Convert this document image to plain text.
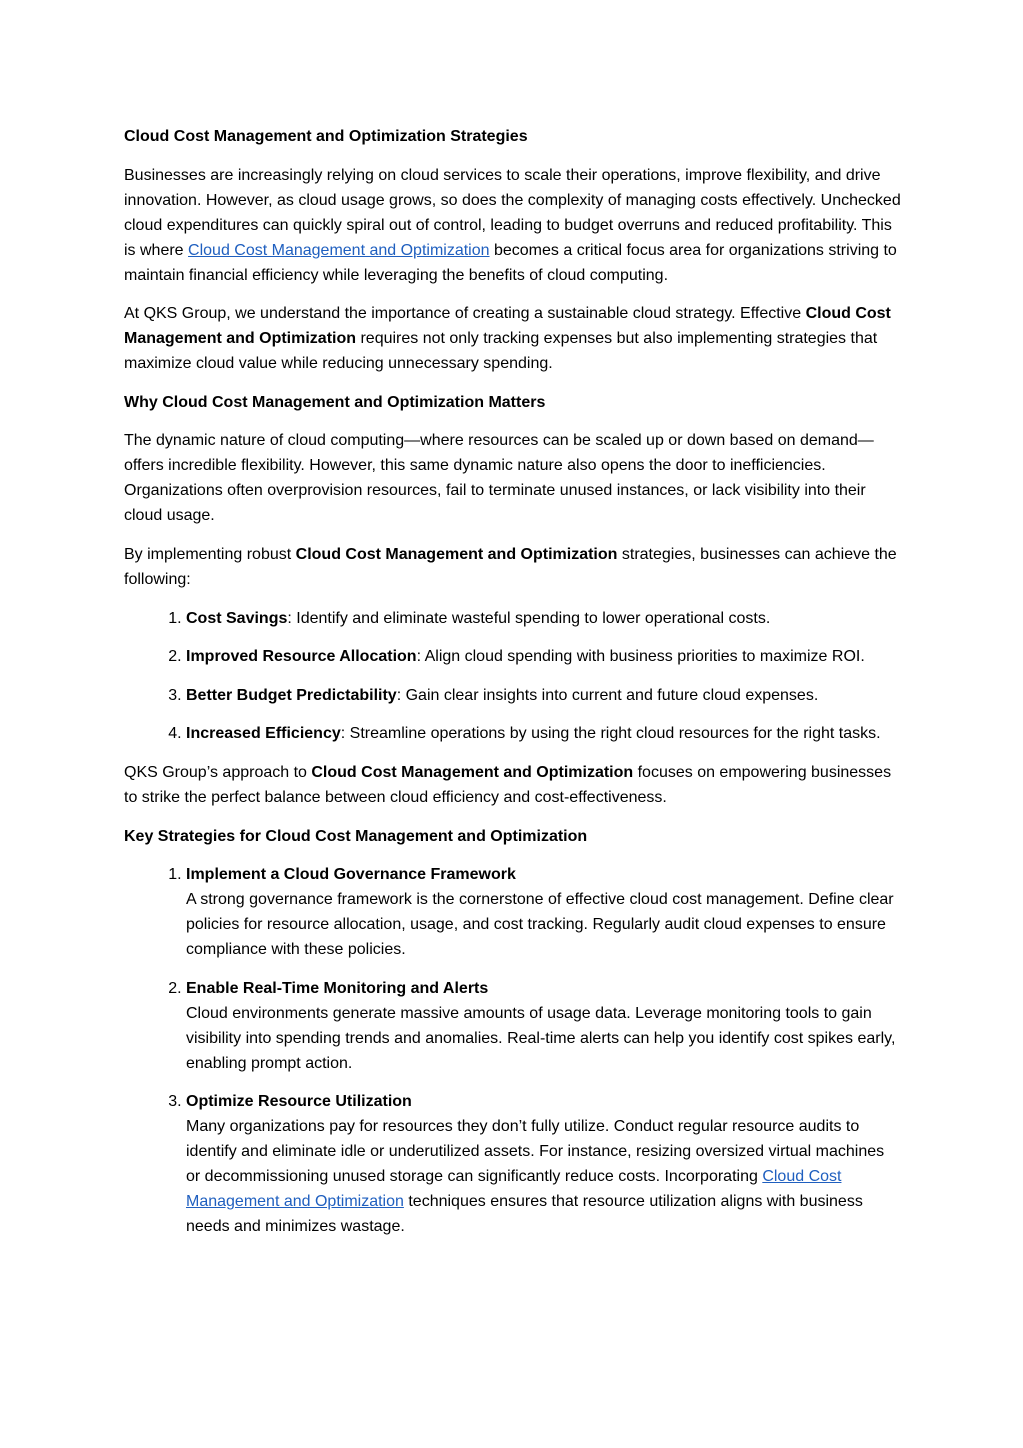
Cloud Cost Management and Optimization Strategies

Businesses are increasingly relying on cloud services to scale their operations, improve flexibility, and drive innovation. However, as cloud usage grows, so does the complexity of managing costs effectively. Unchecked cloud expenditures can quickly spiral out of control, leading to budget overruns and reduced profitability. This is where Cloud Cost Management and Optimization becomes a critical focus area for organizations striving to maintain financial efficiency while leveraging the benefits of cloud computing.

At QKS Group, we understand the importance of creating a sustainable cloud strategy. Effective Cloud Cost Management and Optimization requires not only tracking expenses but also implementing strategies that maximize cloud value while reducing unnecessary spending.

Why Cloud Cost Management and Optimization Matters

The dynamic nature of cloud computing—where resources can be scaled up or down based on demand—offers incredible flexibility. However, this same dynamic nature also opens the door to inefficiencies. Organizations often overprovision resources, fail to terminate unused instances, or lack visibility into their cloud usage.

By implementing robust Cloud Cost Management and Optimization strategies, businesses can achieve the following:

1. Cost Savings: Identify and eliminate wasteful spending to lower operational costs.
2. Improved Resource Allocation: Align cloud spending with business priorities to maximize ROI.
3. Better Budget Predictability: Gain clear insights into current and future cloud expenses.
4. Increased Efficiency: Streamline operations by using the right cloud resources for the right tasks.

QKS Group’s approach to Cloud Cost Management and Optimization focuses on empowering businesses to strike the perfect balance between cloud efficiency and cost-effectiveness.

Key Strategies for Cloud Cost Management and Optimization

1. Implement a Cloud Governance Framework
A strong governance framework is the cornerstone of effective cloud cost management. Define clear policies for resource allocation, usage, and cost tracking. Regularly audit cloud expenses to ensure compliance with these policies.
2. Enable Real-Time Monitoring and Alerts
Cloud environments generate massive amounts of usage data. Leverage monitoring tools to gain visibility into spending trends and anomalies. Real-time alerts can help you identify cost spikes early, enabling prompt action.
3. Optimize Resource Utilization
Many organizations pay for resources they don’t fully utilize. Conduct regular resource audits to identify and eliminate idle or underutilized assets. For instance, resizing oversized virtual machines or decommissioning unused storage can significantly reduce costs. Incorporating Cloud Cost Management and Optimization techniques ensures that resource utilization aligns with business needs and minimizes wastage.
